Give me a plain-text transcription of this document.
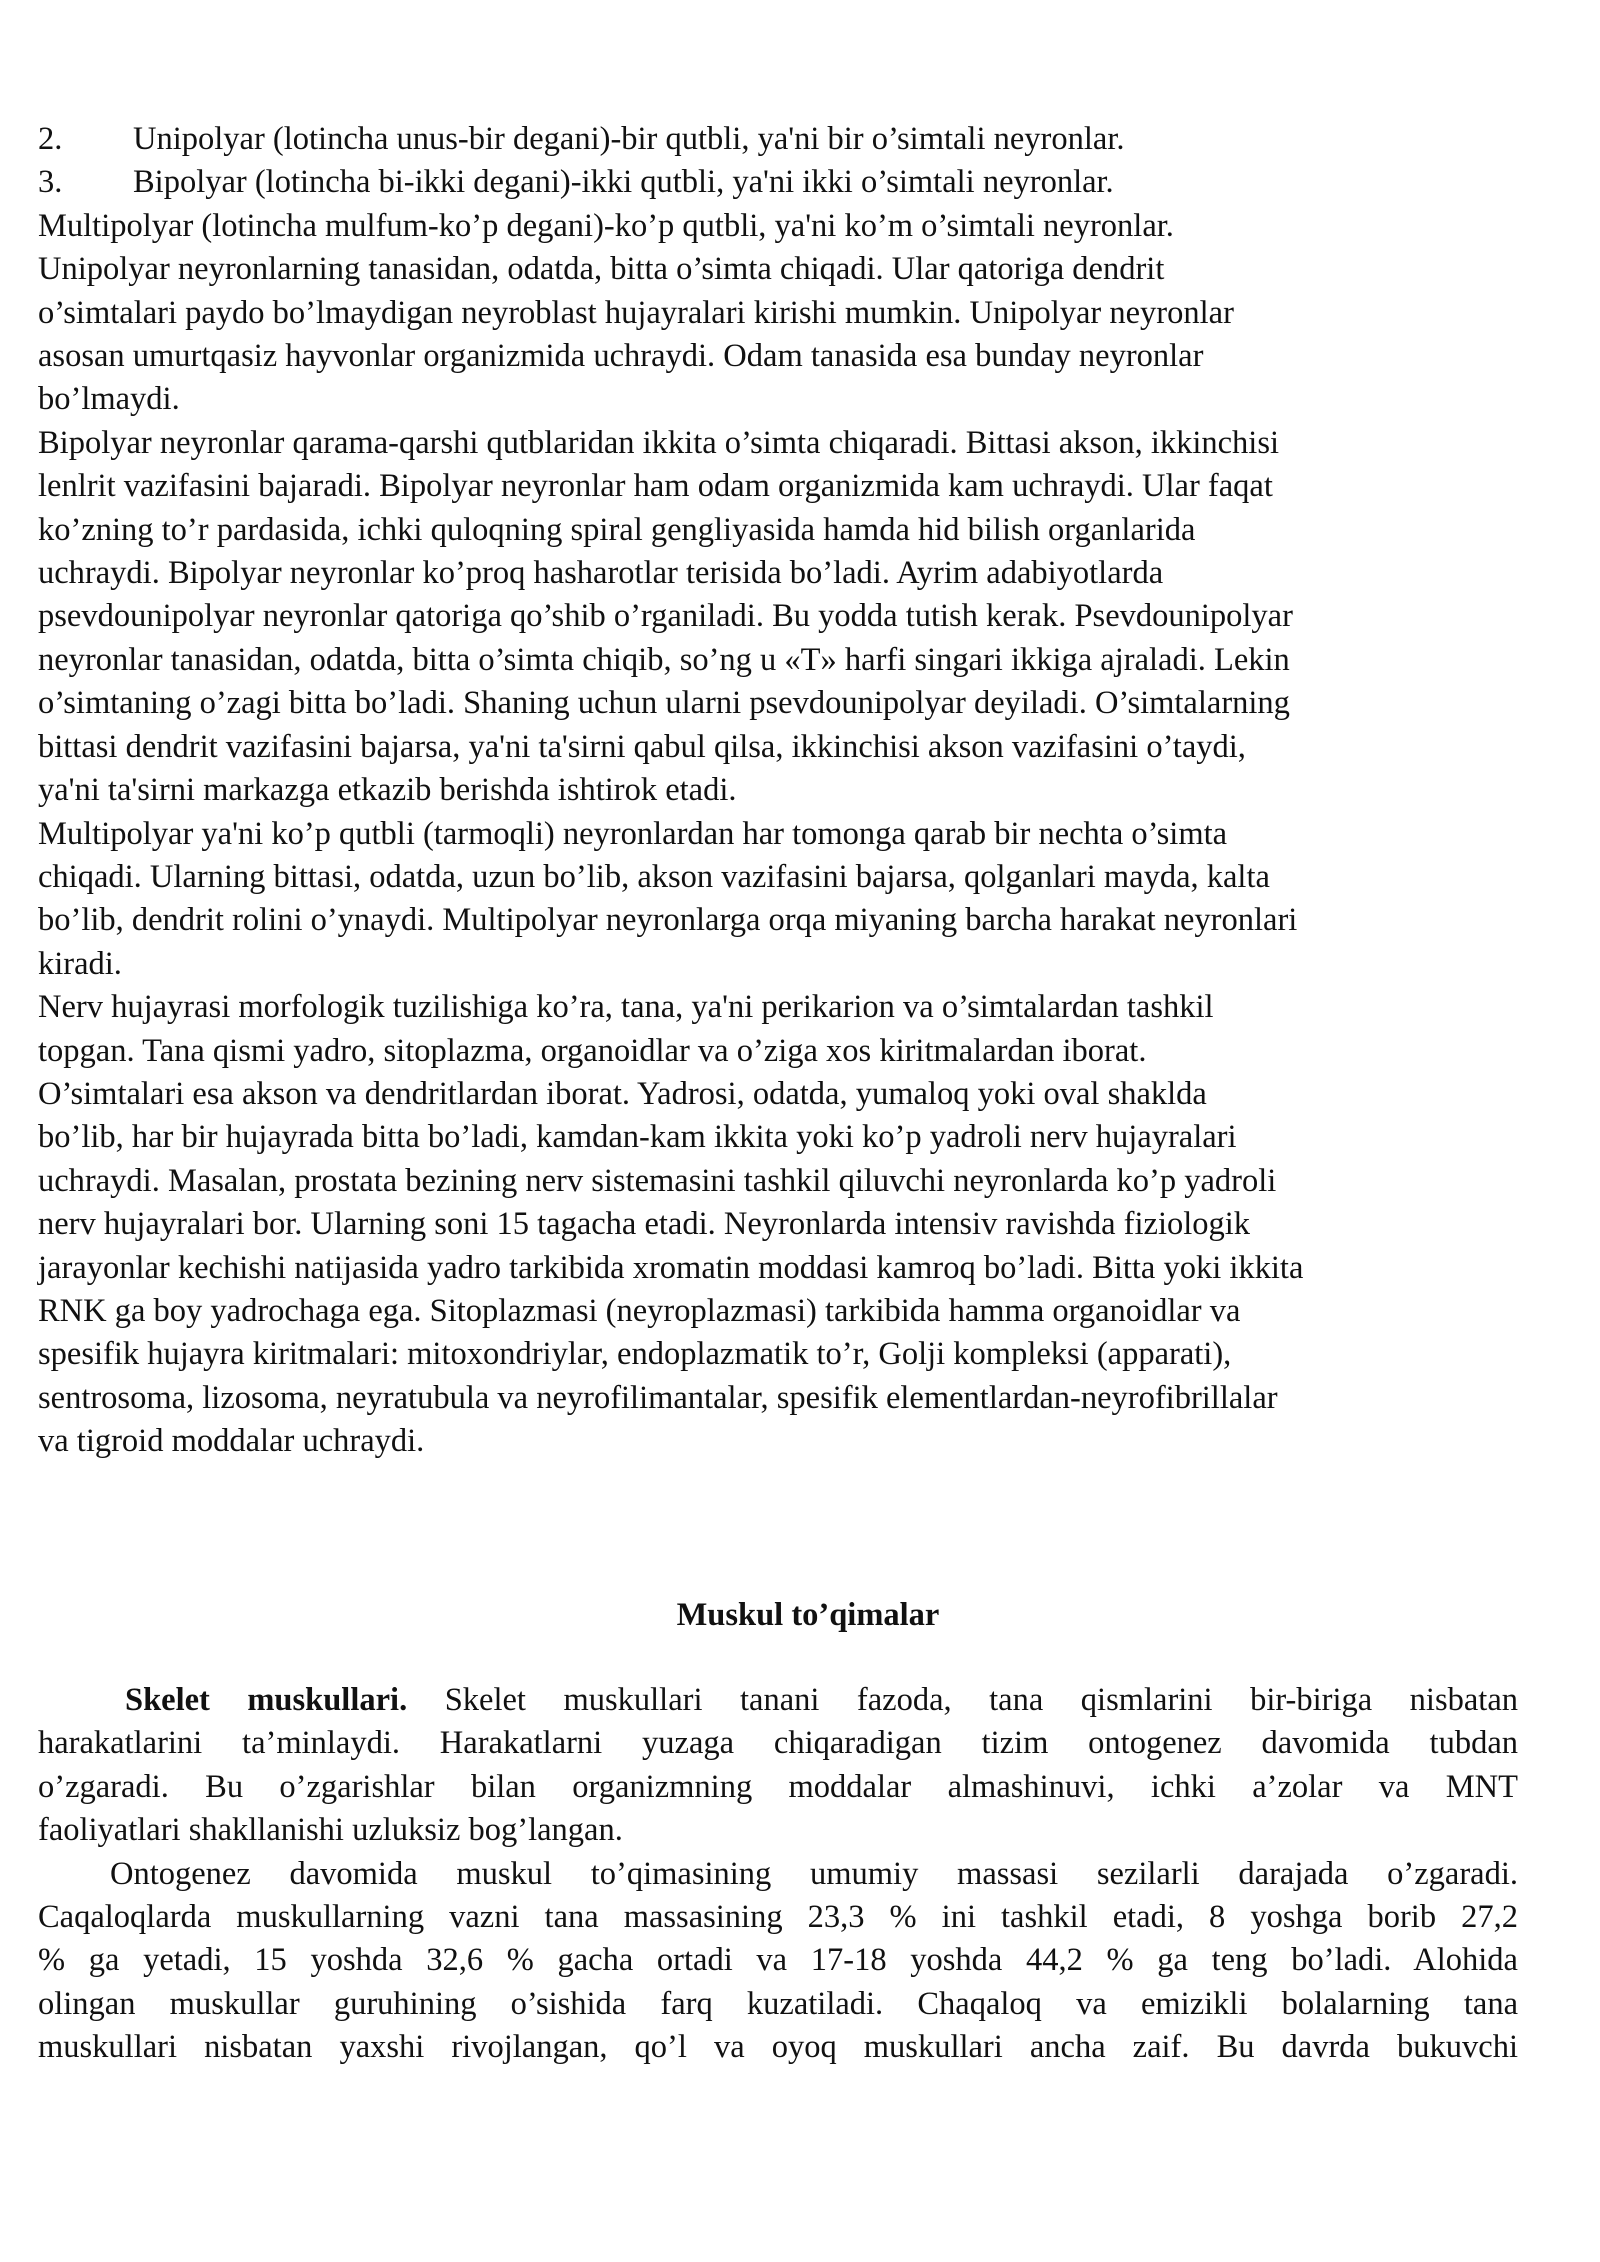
2. Unipolyar (lotincha unus-bir degani)-bir qutbli, ya'ni bir o’simtali neyronlar.
3. Bipolyar (lotincha bi-ikki degani)-ikki qutbli, ya'ni ikki o’simtali neyronlar.
Multipolyar (lotincha mulfum-ko’p degani)-ko’p qutbli, ya'ni ko’m o’simtali neyronlar.
Unipolyar neyronlarning tanasidan, odatda, bitta o’simta chiqadi. Ular qatoriga dendrit
o’simtalari paydo bo’lmaydigan neyroblast hujayralari kirishi mumkin. Unipolyar neyronlar
asosan umurtqasiz hayvonlar organizmida uchraydi. Odam tanasida esa bunday neyronlar
bo’lmaydi.
Bipolyar neyronlar qarama-qarshi qutblaridan ikkita o’simta chiqaradi. Bittasi akson, ikkinchisi
lenlrit vazifasini bajaradi. Bipolyar neyronlar ham odam organizmida kam uchraydi. Ular faqat
ko’zning to’r pardasida, ichki quloqning spiral gengliyasida hamda hid bilish organlarida
uchraydi. Bipolyar neyronlar ko’proq hasharotlar terisida bo’ladi. Ayrim adabiyotlarda
psevdounipolyar neyronlar qatoriga qo’shib o’rganiladi. Bu yodda tutish kerak. Psevdounipolyar
neyronlar tanasidan, odatda, bitta o’simta chiqib, so’ng u «T» harfi singari ikkiga ajraladi. Lekin
o’simtaning o’zagi bitta bo’ladi. Shaning uchun ularni psevdounipolyar deyiladi. O’simtalarning
bittasi dendrit vazifasini bajarsa, ya'ni ta'sirni qabul qilsa, ikkinchisi akson vazifasini o’taydi,
ya'ni ta'sirni markazga etkazib berishda ishtirok etadi.
Multipolyar ya'ni ko’p qutbli (tarmoqli) neyronlardan har tomonga qarab bir nechta o’simta
chiqadi. Ularning bittasi, odatda, uzun bo’lib, akson vazifasini bajarsa, qolganlari mayda, kalta
bo’lib, dendrit rolini o’ynaydi. Multipolyar neyronlarga orqa miyaning barcha harakat neyronlari
kiradi.
Nerv hujayrasi morfologik tuzilishiga ko’ra, tana, ya'ni perikarion va o’simtalardan tashkil
topgan. Tana qismi yadro, sitoplazma, organoidlar va o’ziga xos kiritmalardan iborat.
O’simtalari esa akson va dendritlardan iborat. Yadrosi, odatda, yumaloq yoki oval shaklda
bo’lib, har bir hujayrada bitta bo’ladi, kamdan-kam ikkita yoki ko’p yadroli nerv hujayralari
uchraydi. Masalan, prostata bezining nerv sistemasini tashkil qiluvchi neyronlarda ko’p yadroli
nerv hujayralari bor. Ularning soni 15 tagacha etadi. Neyronlarda intensiv ravishda fiziologik
jarayonlar kechishi natijasida yadro tarkibida xromatin moddasi kamroq bo’ladi. Bitta yoki ikkita
RNK ga boy yadrochaga ega. Sitoplazmasi (neyroplazmasi) tarkibida hamma organoidlar va
spesifik hujayra kiritmalari: mitoxondriylar, endoplazmatik to’r, Golji kompleksi (apparati),
sentrosoma, lizosoma, neyratubula va neyrofilimantalar, spesifik elementlardan-neyrofibrillalar
va tigroid moddalar uchraydi.
Muskul to’qimalar
Skelet muskullari. Skelet muskullari tanani fazoda, tana qismlarini bir-biriga nisbatan
harakatlarini ta’minlaydi. Harakatlarni yuzaga chiqaradigan tizim ontogenez davomida tubdan
o’zgaradi. Bu o’zgarishlar bilan organizmning moddalar almashinuvi, ichki a’zolar va MNT
faoliyatlari shakllanishi uzluksiz bog’langan.
Ontogenez davomida muskul to’qimasining umumiy massasi sezilarli darajada o’zgaradi.
Caqaloqlarda muskullarning vazni tana massasining 23,3 % ini tashkil etadi, 8 yoshga borib 27,2
% ga yetadi, 15 yoshda 32,6 % gacha ortadi va 17-18 yoshda 44,2 % ga teng bo’ladi. Alohida
olingan muskullar guruhining o’sishida farq kuzatiladi. Chaqaloq va emizikli bolalarning tana
muskullari nisbatan yaxshi rivojlangan, qo’l va oyoq muskullari ancha zaif. Bu davrda bukuvchi
